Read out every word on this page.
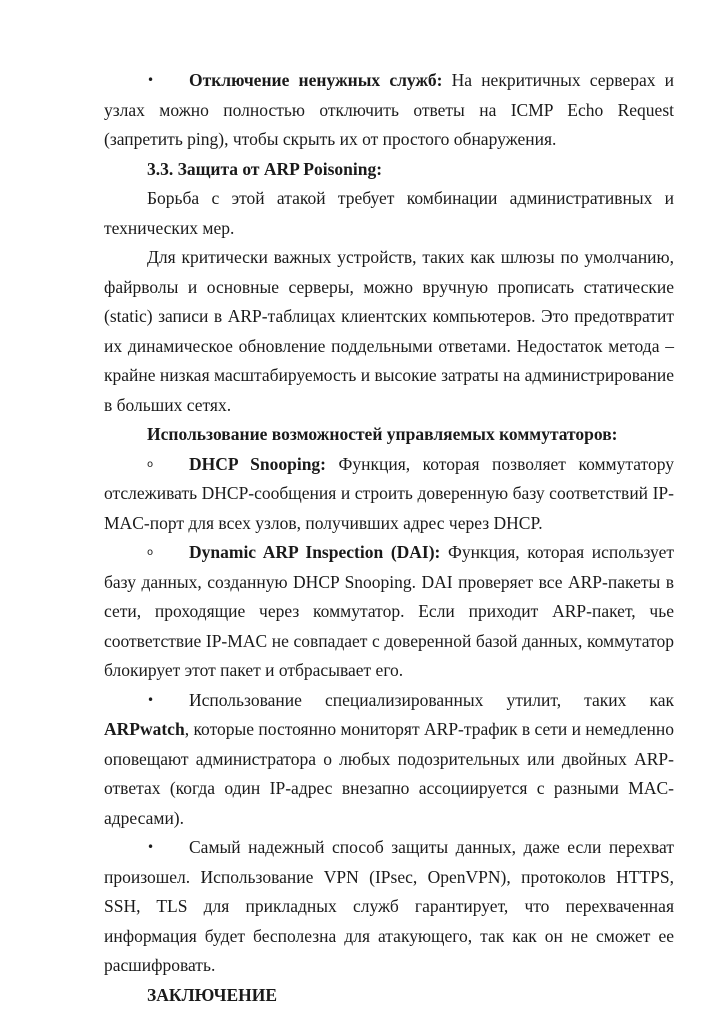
• Отключение ненужных служб: На некритичных серверах и узлах можно полностью отключить ответы на ICMP Echo Request (запретить ping), чтобы скрыть их от простого обнаружения.

3.3. Защита от ARP Poisoning:

Борьба с этой атакой требует комбинации административных и технических мер.

Для критически важных устройств, таких как шлюзы по умолчанию, файрволы и основные серверы, можно вручную прописать статические (static) записи в ARP-таблицах клиентских компьютеров. Это предотвратит их динамическое обновление поддельными ответами. Недостаток метода – крайне низкая масштабируемость и высокие затраты на администрирование в больших сетях.

Использование возможностей управляемых коммутаторов:

o DHCP Snooping: Функция, которая позволяет коммутатору отслеживать DHCP-сообщения и строить доверенную базу соответствий IP-MAC-порт для всех узлов, получивших адрес через DHCP.

o Dynamic ARP Inspection (DAI): Функция, которая использует базу данных, созданную DHCP Snooping. DAI проверяет все ARP-пакеты в сети, проходящие через коммутатор. Если приходит ARP-пакет, чье соответствие IP-MAC не совпадает с доверенной базой данных, коммутатор блокирует этот пакет и отбрасывает его.

• Использование специализированных утилит, таких как ARPwatch, которые постоянно мониторят ARP-трафик в сети и немедленно оповещают администратора о любых подозрительных или двойных ARP-ответах (когда один IP-адрес внезапно ассоциируется с разными MAC-адресами).

• Самый надежный способ защиты данных, даже если перехват произошел. Использование VPN (IPsec, OpenVPN), протоколов HTTPS, SSH, TLS для прикладных служб гарантирует, что перехваченная информация будет бесполезна для атакующего, так как он не сможет ее расшифровать.

ЗАКЛЮЧЕНИЕ
